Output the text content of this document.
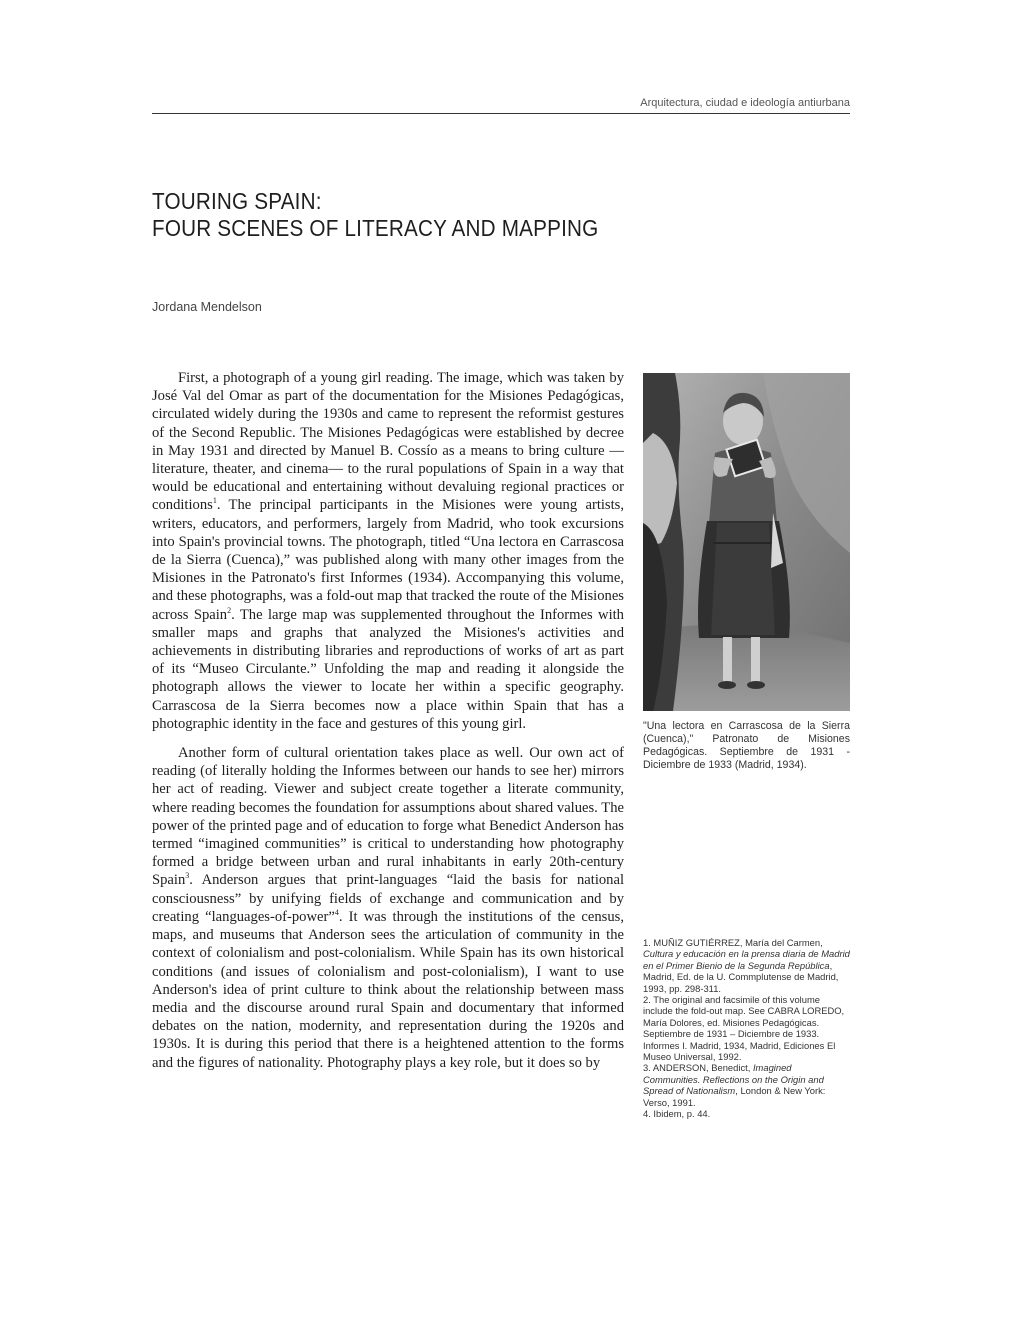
Arquitectura, ciudad e ideología antiurbana
TOURING SPAIN:
FOUR SCENES OF LITERACY AND MAPPING
Jordana Mendelson

First, a photograph of a young girl reading. The image, which was taken by José Val del Omar as part of the documentation for the Misiones Pedagógicas, circulated widely during the 1930s and came to represent the reformist gestures of the Second Republic. The Misiones Pedagógicas were established by decree in May 1931 and directed by Manuel B. Cossío as a means to bring culture —literature, theater, and cinema— to the rural populations of Spain in a way that would be educational and entertaining without devaluing regional practices or conditions$^1$. The principal participants in the Misiones were young artists, writers, educators, and performers, largely from Madrid, who took excursions into Spain's provincial towns. The photograph, titled “Una lectora en Carrascosa de la Sierra (Cuenca),” was published along with many other images from the Misiones in the Patronato's first Informes (1934). Accompanying this volume, and these photographs, was a fold-out map that tracked the route of the Misiones across Spain$^2$. The large map was supplemented throughout the Informes with smaller maps and graphs that analyzed the Misiones's activities and achievements in distributing libraries and reproductions of works of art as part of its “Museo Circulante.” Unfolding the map and reading it alongside the photograph allows the viewer to locate her within a specific geography. Carrascosa de la Sierra becomes now a place within Spain that has a photographic identity in the face and gestures of this young girl.

Another form of cultural orientation takes place as well. Our own act of reading (of literally holding the Informes between our hands to see her) mirrors her act of reading. Viewer and subject create together a literate community, where reading becomes the foundation for assumptions about shared values. The power of the printed page and of education to forge what Benedict Anderson has termed “imagined communities” is critical to understanding how photography formed a bridge between urban and rural inhabitants in early 20th-century Spain$^3$. Anderson argues that print-languages “laid the basis for national consciousness” by unifying fields of exchange and communication and by creating “languages-of-power”$^4$. It was through the institutions of the census, maps, and museums that Anderson sees the articulation of community in the context of colonialism and post-colonialism. While Spain has its own historical conditions (and issues of colonialism and post-colonialism), I want to use Anderson's idea of print culture to think about the relationship between mass media and the discourse around rural Spain and documentary that informed debates on the nation, modernity, and representation during the 1920s and 1930s. It is during this period that there is a heightened attention to the forms and the figures of nationality. Photography plays a key role, but it does so by

"Una lectora en Carrascosa de la Sierra (Cuenca)," Patronato de Misiones Pedagógicas. Septiembre de 1931 - Diciembre de 1933 (Madrid, 1934).

1. MUÑIZ GUTIÉRREZ, María del Carmen, Cultura y educación en la prensa diaria de Madrid en el Primer Bienio de la Segunda República, Madrid, Ed. de la U. Commplutense de Madrid, 1993, pp. 298-311.

2. The original and facsimile of this volume include the fold-out map. See CABRA LOREDO, María Dolores, ed. Misiones Pedagógicas. Septiembre de 1931 – Diciembre de 1933. Informes I. Madrid, 1934, Madrid, Ediciones El Museo Universal, 1992.

3. ANDERSON, Benedict, Imagined Communities. Reflections on the Origin and Spread of Nationalism, London & New York: Verso, 1991.

4. Ibidem, p. 44.
